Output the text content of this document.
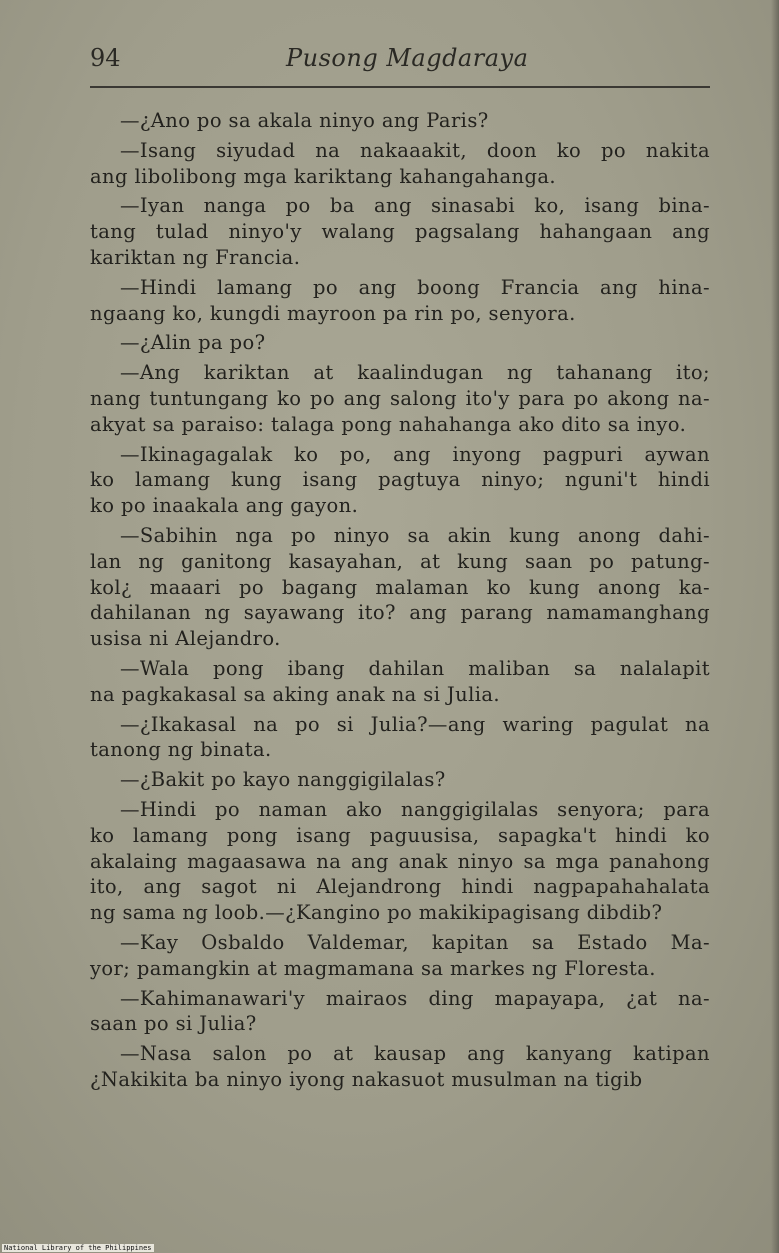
94	Pusong Magdaraya
—¿Ano po sa akala ninyo ang Paris?
—Isang siyudad na nakaaakit, doon ko po nakita
ang libolibong mga kariktang kahangahanga.
—Iyan nanga po ba ang sinasabi ko, isang bina-
tang tulad ninyo'y walang pagsalang hahangaan ang
kariktan ng Francia.
—Hindi lamang po ang boong Francia ang hina-
ngaang ko, kungdi mayroon pa rin po, senyora.
—¿Alin pa po?
—Ang kariktan at kaalindugan ng tahanang ito;
nang tuntungang ko po ang salong ito'y para po akong na-
akyat sa paraiso: talaga pong nahahanga ako dito sa inyo.
—Ikinagagalak ko po, ang inyong pagpuri aywan
ko lamang kung isang pagtuya ninyo; nguni't hindi
ko po inaakala ang gayon.
—Sabihin nga po ninyo sa akin kung anong dahi-
lan ng ganitong kasayahan, at kung saan po patung-
kol¿ maaari po bagang malaman ko kung anong ka-
dahilanan ng sayawang ito? ang parang namamanghang
usisa ni Alejandro.
—Wala pong ibang dahilan maliban sa nalalapit
na pagkakasal sa aking anak na si Julia.
—¿Ikakasal na po si Julia?—ang waring pagulat na
tanong ng binata.
—¿Bakit po kayo nanggigilalas?
—Hindi po naman ako nanggigilalas senyora; para
ko lamang pong isang paguusisa, sapagka't hindi ko
akalaing magaasawa na ang anak ninyo sa mga panahong
ito, ang sagot ni Alejandrong hindi nagpapahahalata
ng sama ng loob.—¿Kangino po makikipagisang dibdib?
—Kay Osbaldo Valdemar, kapitan sa Estado Ma-
yor; pamangkin at magmamana sa markes ng Floresta.
—Kahimanawari'y mairaos ding mapayapa, ¿at na-
saan po si Julia?
—Nasa salon po at kausap ang kanyang katipan
¿Nakikita ba ninyo iyong nakasuot musulman na tigib
National Library of the Philippines
